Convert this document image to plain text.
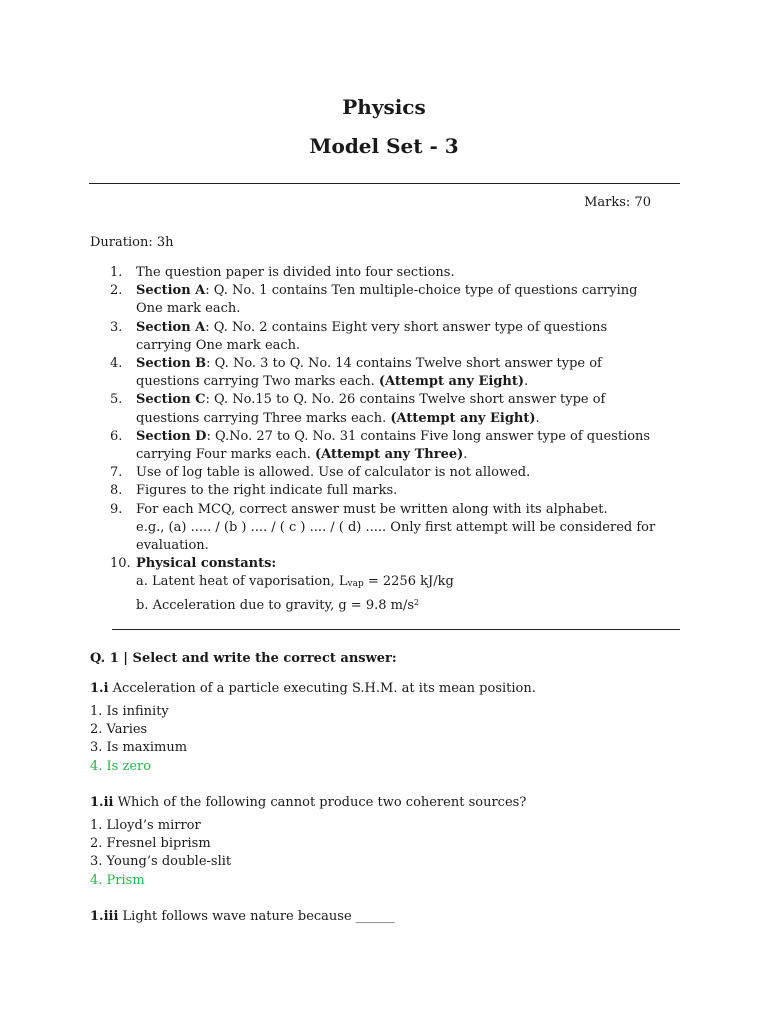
Physics
Model Set - 3
Marks: 70
Duration: 3h
1.	The question paper is divided into four sections.
2.	Section A: Q. No. 1 contains Ten multiple-choice type of questions carrying One mark each.
3.	Section A: Q. No. 2 contains Eight very short answer type of questions carrying One mark each.
4.	Section B: Q. No. 3 to Q. No. 14 contains Twelve short answer type of questions carrying Two marks each. (Attempt any Eight).
5.	Section C: Q. No.15 to Q. No. 26 contains Twelve short answer type of questions carrying Three marks each. (Attempt any Eight).
6.	Section D: Q.No. 27 to Q. No. 31 contains Five long answer type of questions carrying Four marks each. (Attempt any Three).
7.	Use of log table is allowed. Use of calculator is not allowed.
8.	Figures to the right indicate full marks.
9.	For each MCQ, correct answer must be written along with its alphabet.
e.g., (a) ..... / (b ) .... / ( c ) .... / ( d) ..... Only first attempt will be considered for evaluation.
10. Physical constants:
a. Latent heat of vaporisation, $L_{vap} = 2256$ kJ/kg
b. Acceleration due to gravity, g = 9.8 $m/s^2$
Q. 1 | Select and write the correct answer:
1.i Acceleration of a particle executing S.H.M. at its mean position.
1. Is infinity
2. Varies
3. Is maximum
4. Is zero
1.ii Which of the following cannot produce two coherent sources?
1. Lloyd’s mirror
2. Fresnel biprism
3. Young’s double-slit
4. Prism
1.iii Light follows wave nature because ______
